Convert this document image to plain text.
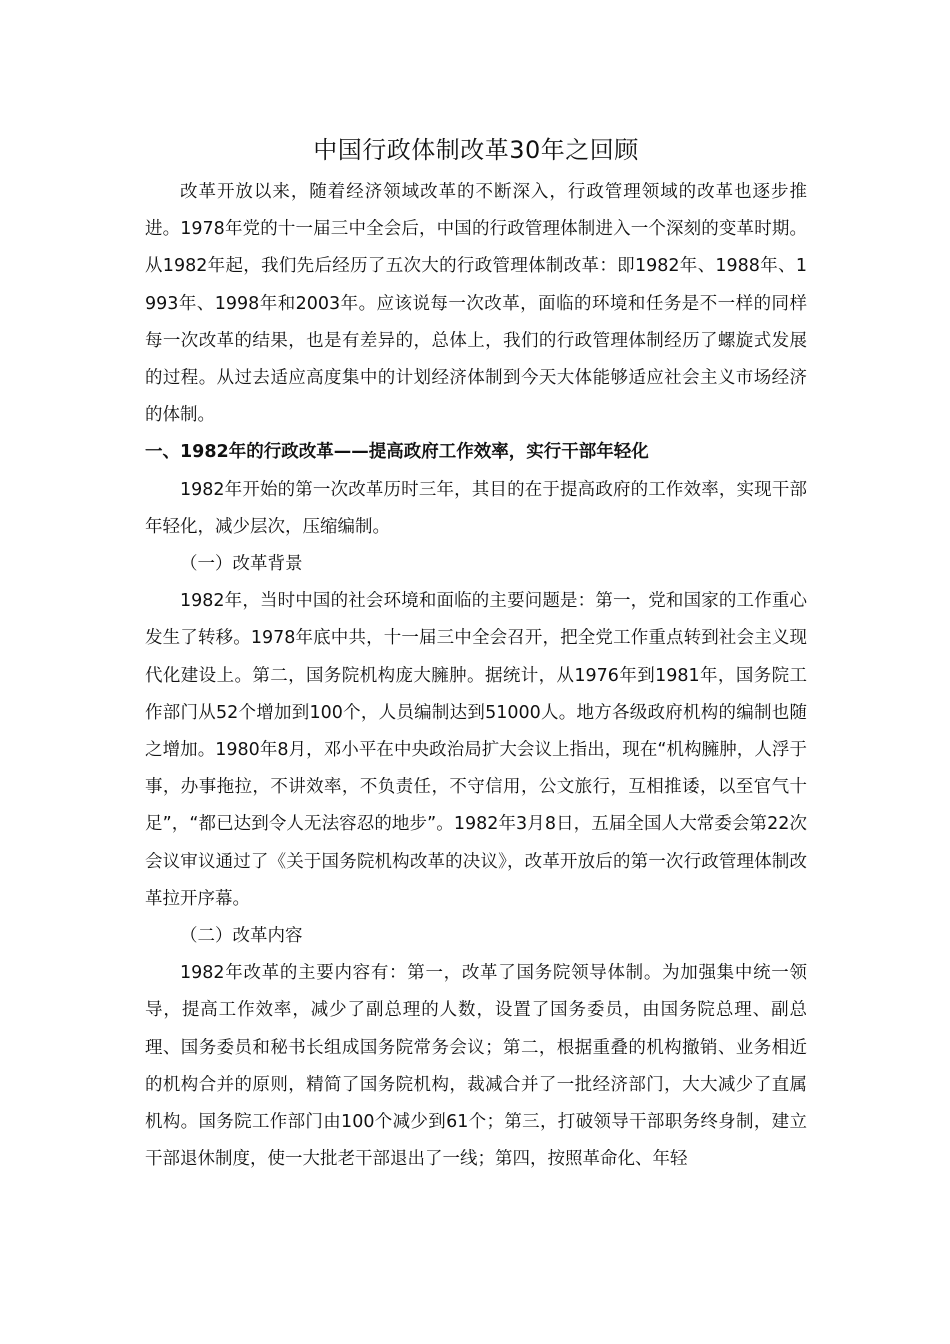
中国行政体制改革30年之回顾

改革开放以来，随着经济领域改革的不断深入，行政管理领域的改革也逐步推进。1978年党的十一届三中全会后，中国的行政管理体制进入一个深刻的变革时期。从1982年起，我们先后经历了五次大的行政管理体制改革：即1982年、1988年、1993年、1998年和2003年。应该说每一次改革，面临的环境和任务是不一样的同样每一次改革的结果，也是有差异的，总体上，我们的行政管理体制经历了螺旋式发展的过程。从过去适应高度集中的计划经济体制到今天大体能够适应社会主义市场经济的体制。

一、1982年的行政改革——提高政府工作效率，实行干部年轻化

1982年开始的第一次改革历时三年，其目的在于提高政府的工作效率，实现干部年轻化，减少层次，压缩编制。

（一）改革背景

1982年，当时中国的社会环境和面临的主要问题是：第一，党和国家的工作重心发生了转移。1978年底中共，十一届三中全会召开，把全党工作重点转到社会主义现代化建设上。第二，国务院机构庞大臃肿。据统计，从1976年到1981年，国务院工作部门从52个增加到100个，人员编制达到51000人。地方各级政府机构的编制也随之增加。1980年8月，邓小平在中央政治局扩大会议上指出，现在“机构臃肿，人浮于事，办事拖拉，不讲效率，不负责任，不守信用，公文旅行，互相推诿，以至官气十足”，“都已达到令人无法容忍的地步”。1982年3月8日，五届全国人大常委会第22次会议审议通过了《关于国务院机构改革的决议》，改革开放后的第一次行政管理体制改革拉开序幕。

（二）改革内容

1982年改革的主要内容有：第一，改革了国务院领导体制。为加强集中统一领导，提高工作效率，减少了副总理的人数，设置了国务委员，由国务院总理、副总理、国务委员和秘书长组成国务院常务会议；第二，根据重叠的机构撤销、业务相近的机构合并的原则，精简了国务院机构，裁减合并了一批经济部门，大大减少了直属机构。国务院工作部门由100个减少到61个；第三，打破领导干部职务终身制，建立干部退休制度，使一大批老干部退出了一线；第四，按照革命化、年轻
